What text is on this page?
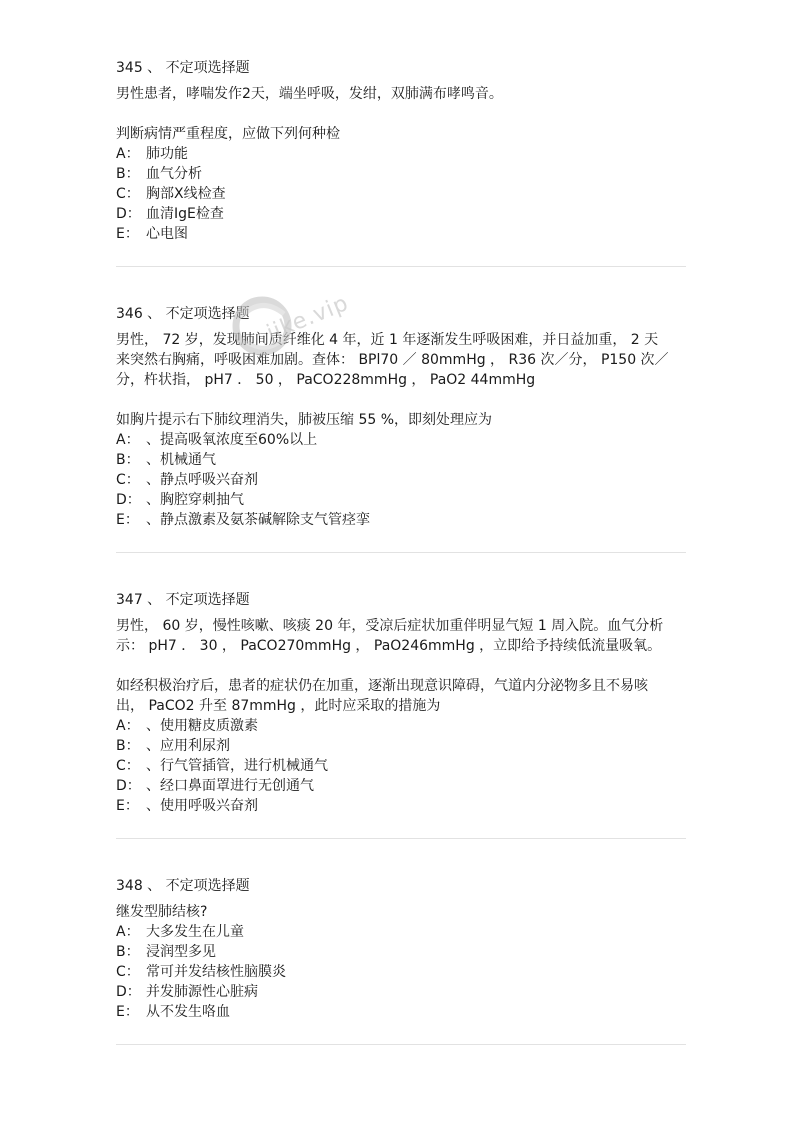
345 、 不定项选择题
男性患者，哮喘发作2天，端坐呼吸，发绀，双肺满布哮鸣音。
判断病情严重程度，应做下列何种检
A： 肺功能
B： 血气分析
C： 胸部X线检查
D： 血清IgE检查
E： 心电图
346 、 不定项选择题
男性， 72 岁，发现肺间质纤维化 4 年，近 1 年逐渐发生呼吸困难，并日益加重， 2 天
来突然右胸痛，呼吸困难加剧。查体： BPl70 ／ 80mmHg ， R36 次／分， P150 次／
分，杵状指， pH7 ． 50 ， PaCO228mmHg ， PaO2 44mmHg
如胸片提示右下肺纹理消失，肺被压缩 55 %，即刻处理应为
A： 、提高吸氧浓度至60%以上
B： 、机械通气
C： 、静点呼吸兴奋剂
D： 、胸腔穿刺抽气
E： 、静点激素及氨茶碱解除支气管痉挛
347 、 不定项选择题
男性， 60 岁，慢性咳嗽、咳痰 20 年，受凉后症状加重伴明显气短 1 周入院。血气分析
示： pH7 ． 30 ， PaCO270mmHg ， PaO246mmHg ，立即给予持续低流量吸氧。
如经积极治疗后，患者的症状仍在加重，逐渐出现意识障碍，气道内分泌物多且不易咳
出， PaCO2 升至 87mmHg ，此时应采取的措施为
A： 、使用糖皮质激素
B： 、应用利尿剂
C： 、行气管插管，进行机械通气
D： 、经口鼻面罩进行无创通气
E： 、使用呼吸兴奋剂
348 、 不定项选择题
继发型肺结核?
A： 大多发生在儿童
B： 浸润型多见
C： 常可并发结核性脑膜炎
D： 并发肺源性心脏病
E： 从不发生咯血
jike.vip
